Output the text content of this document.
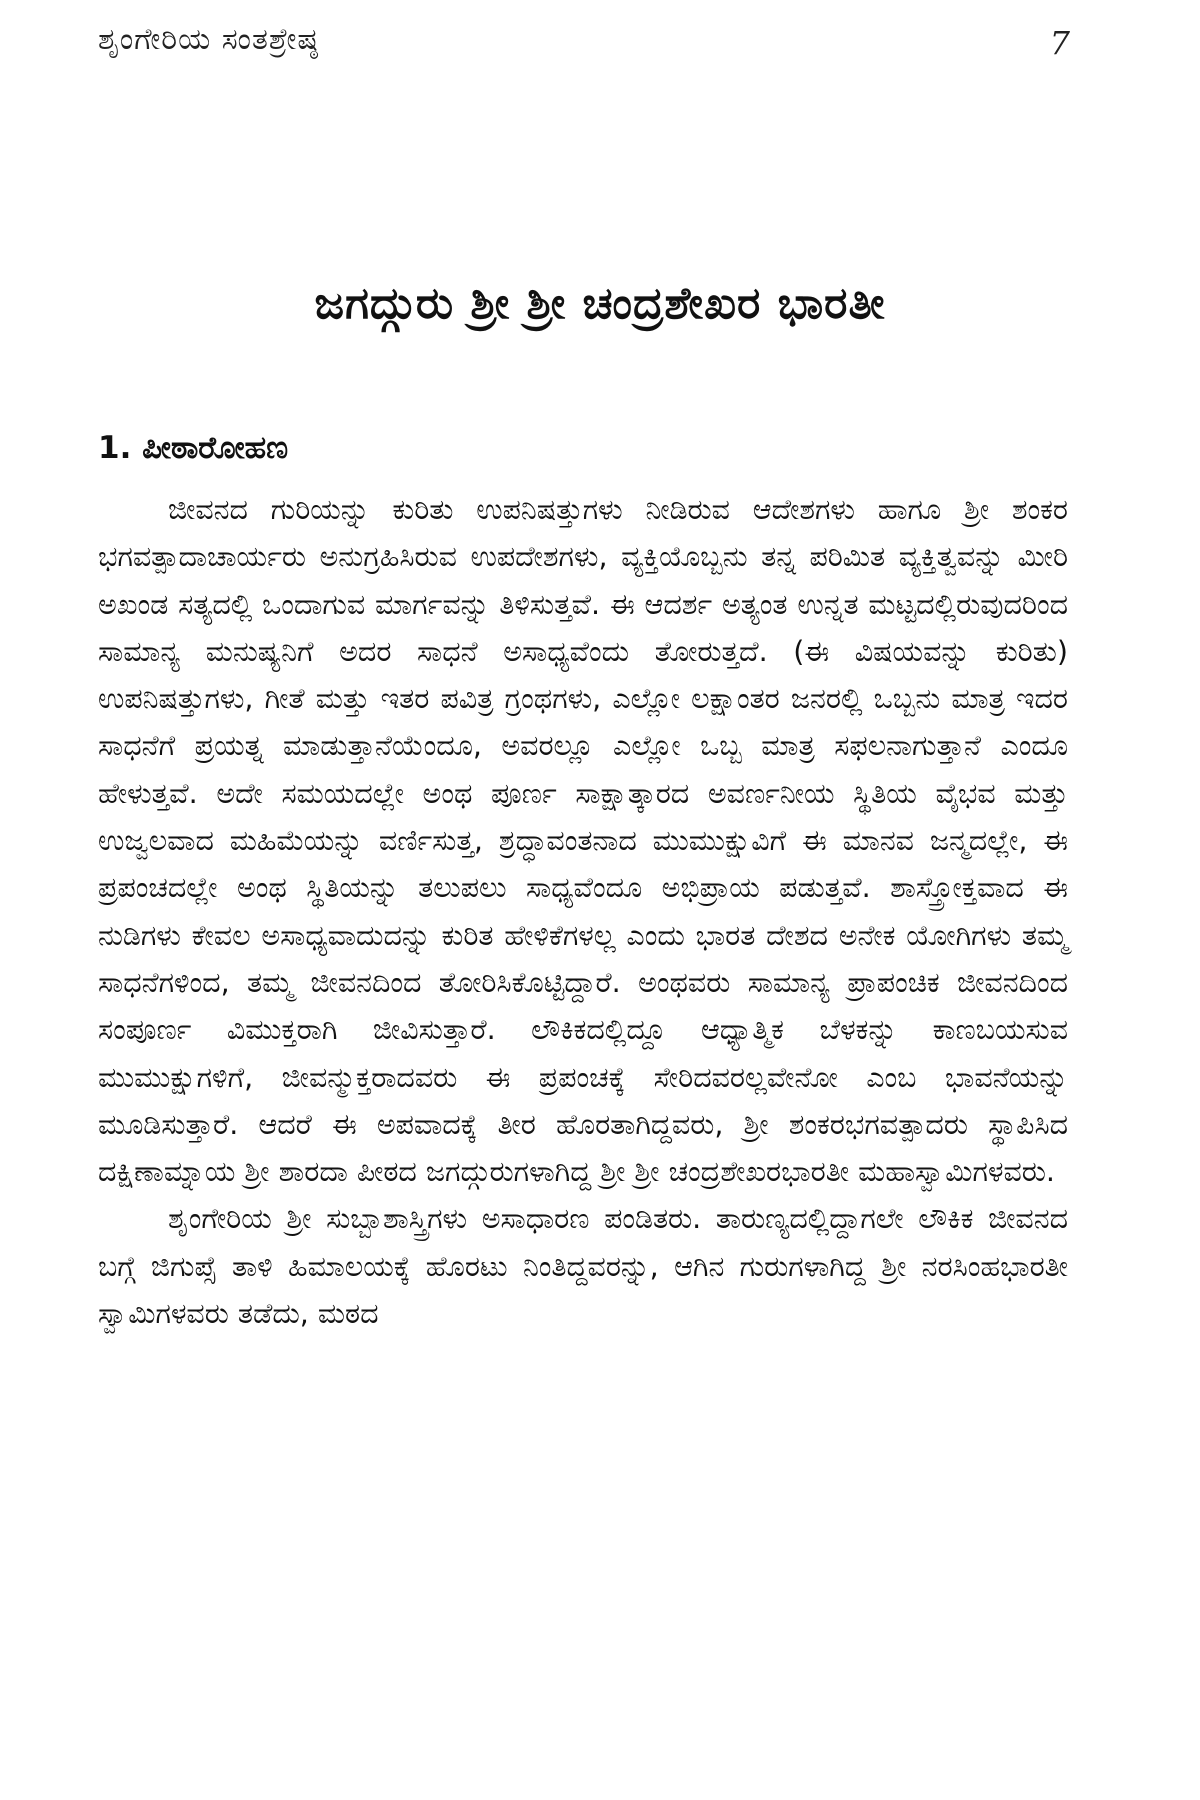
ಶೃಂಗೇರಿಯ ಸಂತಶ್ರೇಷ್ಠ	7
ಜಗದ್ಗುರು ಶ್ರೀ ಶ್ರೀ ಚಂದ್ರಶೇಖರ ಭಾರತೀ
1. ಪೀಠಾರೋಹಣ

ಜೀವನದ ಗುರಿಯನ್ನು ಕುರಿತು ಉಪನಿಷತ್ತುಗಳು ನೀಡಿರುವ ಆದೇಶಗಳು ಹಾಗೂ ಶ್ರೀ ಶಂಕರ ಭಗವತ್ಪಾದಾಚಾರ್ಯರು ಅನುಗ್ರಹಿಸಿರುವ ಉಪದೇಶಗಳು, ವ್ಯಕ್ತಿಯೊಬ್ಬನು ತನ್ನ ಪರಿಮಿತ ವ್ಯಕ್ತಿತ್ವವನ್ನು ಮೀರಿ ಅಖಂಡ ಸತ್ಯದಲ್ಲಿ ಒಂದಾಗುವ ಮಾರ್ಗವನ್ನು ತಿಳಿಸುತ್ತವೆ. ಈ ಆದರ್ಶ ಅತ್ಯಂತ ಉನ್ನತ ಮಟ್ಟದಲ್ಲಿರುವುದರಿಂದ ಸಾಮಾನ್ಯ ಮನುಷ್ಯನಿಗೆ ಅದರ ಸಾಧನೆ ಅಸಾಧ್ಯವೆಂದು ತೋರುತ್ತದೆ. (ಈ ವಿಷಯವನ್ನು ಕುರಿತು) ಉಪನಿಷತ್ತುಗಳು, ಗೀತೆ ಮತ್ತು ಇತರ ಪವಿತ್ರ ಗ್ರಂಥಗಳು, ಎಲ್ಲೋ ಲಕ್ಷಾಂತರ ಜನರಲ್ಲಿ ಒಬ್ಬನು ಮಾತ್ರ ಇದರ ಸಾಧನೆಗೆ ಪ್ರಯತ್ನ ಮಾಡುತ್ತಾನೆಯೆಂದೂ, ಅವರಲ್ಲೂ ಎಲ್ಲೋ ಒಬ್ಬ ಮಾತ್ರ ಸಫಲನಾಗುತ್ತಾನೆ ಎಂದೂ ಹೇಳುತ್ತವೆ. ಅದೇ ಸಮಯದಲ್ಲೇ ಅಂಥ ಪೂರ್ಣ ಸಾಕ್ಷಾತ್ಕಾರದ ಅವರ್ಣನೀಯ ಸ್ಥಿತಿಯ ವೈಭವ ಮತ್ತು ಉಜ್ವಲವಾದ ಮಹಿಮೆಯನ್ನು ವರ್ಣಿಸುತ್ತ, ಶ್ರದ್ಧಾವಂತನಾದ ಮುಮುಕ್ಷುವಿಗೆ ಈ ಮಾನವ ಜನ್ಮದಲ್ಲೇ, ಈ ಪ್ರಪಂಚದಲ್ಲೇ ಅಂಥ ಸ್ಥಿತಿಯನ್ನು ತಲುಪಲು ಸಾಧ್ಯವೆಂದೂ ಅಭಿಪ್ರಾಯ ಪಡುತ್ತವೆ. ಶಾಸ್ತ್ರೋಕ್ತವಾದ ಈ ನುಡಿಗಳು ಕೇವಲ ಅಸಾಧ್ಯವಾದುದನ್ನು ಕುರಿತ ಹೇಳಿಕೆಗಳಲ್ಲ ಎಂದು ಭಾರತ ದೇಶದ ಅನೇಕ ಯೋಗಿಗಳು ತಮ್ಮ ಸಾಧನೆಗಳಿಂದ, ತಮ್ಮ ಜೀವನದಿಂದ ತೋರಿಸಿಕೊಟ್ಟಿದ್ದಾರೆ. ಅಂಥವರು ಸಾಮಾನ್ಯ ಪ್ರಾಪಂಚಿಕ ಜೀವನದಿಂದ ಸಂಪೂರ್ಣ ವಿಮುಕ್ತರಾಗಿ ಜೀವಿಸುತ್ತಾರೆ. ಲೌಕಿಕದಲ್ಲಿದ್ದೂ ಆಧ್ಯಾತ್ಮಿಕ ಬೆಳಕನ್ನು ಕಾಣಬಯಸುವ ಮುಮುಕ್ಷುಗಳಿಗೆ, ಜೀವನ್ಮುಕ್ತರಾದವರು ಈ ಪ್ರಪಂಚಕ್ಕೆ ಸೇರಿದವರಲ್ಲವೇನೋ ಎಂಬ ಭಾವನೆಯನ್ನು ಮೂಡಿಸುತ್ತಾರೆ. ಆದರೆ ಈ ಅಪವಾದಕ್ಕೆ ತೀರ ಹೊರತಾಗಿದ್ದವರು, ಶ್ರೀ ಶಂಕರಭಗವತ್ಪಾದರು ಸ್ಥಾಪಿಸಿದ ದಕ್ಷಿಣಾಮ್ನಾಯ ಶ್ರೀ ಶಾರದಾ ಪೀಠದ ಜಗದ್ಗುರುಗಳಾಗಿದ್ದ ಶ್ರೀ ಶ್ರೀ ಚಂದ್ರಶೇಖರಭಾರತೀ ಮಹಾಸ್ವಾಮಿಗಳವರು.

ಶೃಂಗೇರಿಯ ಶ್ರೀ ಸುಬ್ಬಾಶಾಸ್ತ್ರಿಗಳು ಅಸಾಧಾರಣ ಪಂಡಿತರು. ತಾರುಣ್ಯದಲ್ಲಿದ್ದಾಗಲೇ ಲೌಕಿಕ ಜೀವನದ ಬಗ್ಗೆ ಜಿಗುಪ್ಸೆ ತಾಳಿ ಹಿಮಾಲಯಕ್ಕೆ ಹೊರಟು ನಿಂತಿದ್ದವರನ್ನು, ಆಗಿನ ಗುರುಗಳಾಗಿದ್ದ ಶ್ರೀ ನರಸಿಂಹಭಾರತೀ ಸ್ವಾಮಿಗಳವರು ತಡೆದು, ಮಠದ
